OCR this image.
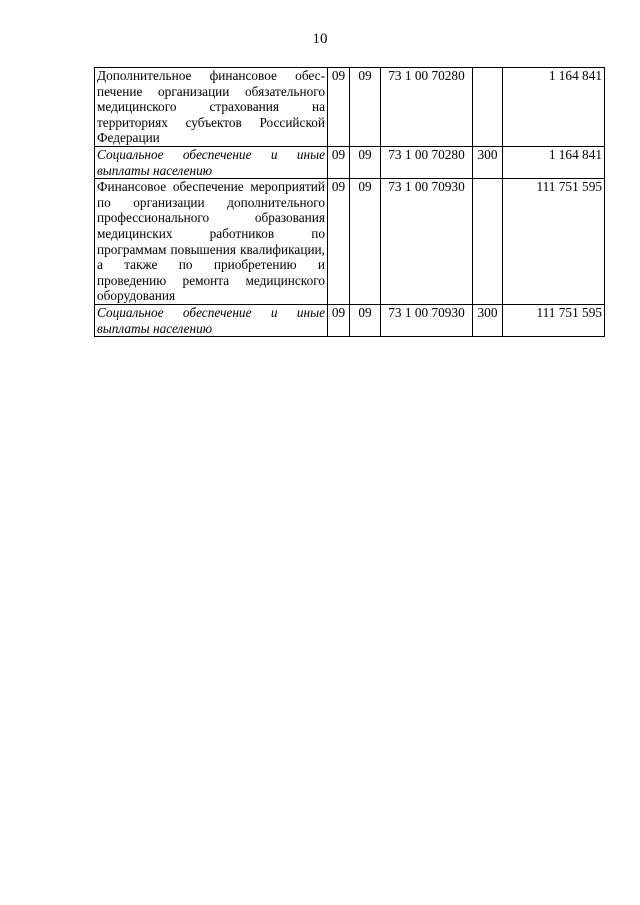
10
Дополнительное финансовое обеспечение организации обязательного медицинского страхования на территориях субъектов Российской Федерации	09	09	73 1 00 70280		1 164 841
Социальное обеспечение и иные выплаты населению	09	09	73 1 00 70280	300	1 164 841
Финансовое обеспечение мероприятий по организации дополнительного профессионального образования медицинских работников по программам повышения квалификации, а также по приобретению и проведению ремонта медицинского оборудования	09	09	73 1 00 70930		111 751 595
Социальное обеспечение и иные выплаты населению	09	09	73 1 00 70930	300	111 751 595
